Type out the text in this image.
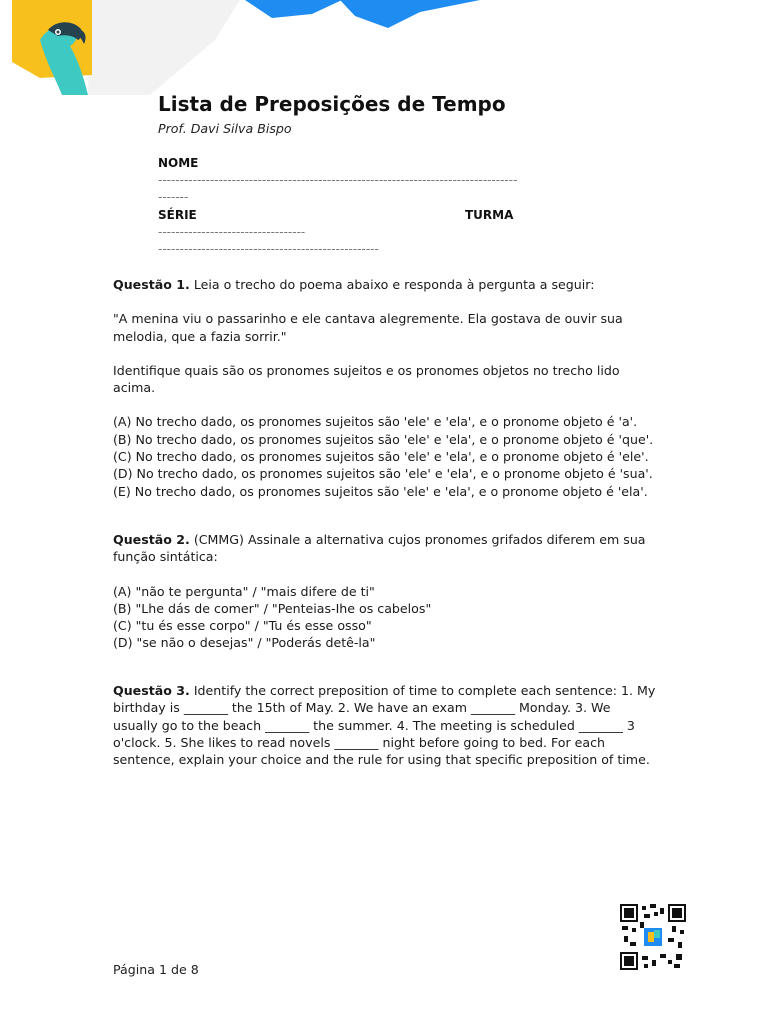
Lista de Preposições de Tempo
Prof. Davi Silva Bispo
NOME
-----------------------------------------------------------------------------------
-------
SÉRIE	TURMA
----------------------------------
---------------------------------------------------

Questão 1. Leia o trecho do poema abaixo e responda à pergunta a seguir:

"A menina viu o passarinho e ele cantava alegremente. Ela gostava de ouvir sua melodia, que a fazia sorrir."

Identifique quais são os pronomes sujeitos e os pronomes objetos no trecho lido acima.

(A) No trecho dado, os pronomes sujeitos são 'ele' e 'ela', e o pronome objeto é 'a'.
(B) No trecho dado, os pronomes sujeitos são 'ele' e 'ela', e o pronome objeto é 'que'.
(C) No trecho dado, os pronomes sujeitos são 'ele' e 'ela', e o pronome objeto é 'ele'.
(D) No trecho dado, os pronomes sujeitos são 'ele' e 'ela', e o pronome objeto é 'sua'.
(E) No trecho dado, os pronomes sujeitos são 'ele' e 'ela', e o pronome objeto é 'ela'.

Questão 2. (CMMG) Assinale a alternativa cujos pronomes grifados diferem em sua função sintática:

(A) "não te pergunta" / "mais difere de ti"
(B) "Lhe dás de comer" / "Penteias-Ihe os cabelos"
(C) "tu és esse corpo" / "Tu és esse osso"
(D) "se não o desejas" / "Poderás detê-la"

Questão 3. Identify the correct preposition of time to complete each sentence: 1. My birthday is _______ the 15th of May. 2. We have an exam _______ Monday. 3. We usually go to the beach _______ the summer. 4. The meeting is scheduled _______ 3 o'clock. 5. She likes to read novels _______ night before going to bed. For each sentence, explain your choice and the rule for using that specific preposition of time.

Página 1 de 8
